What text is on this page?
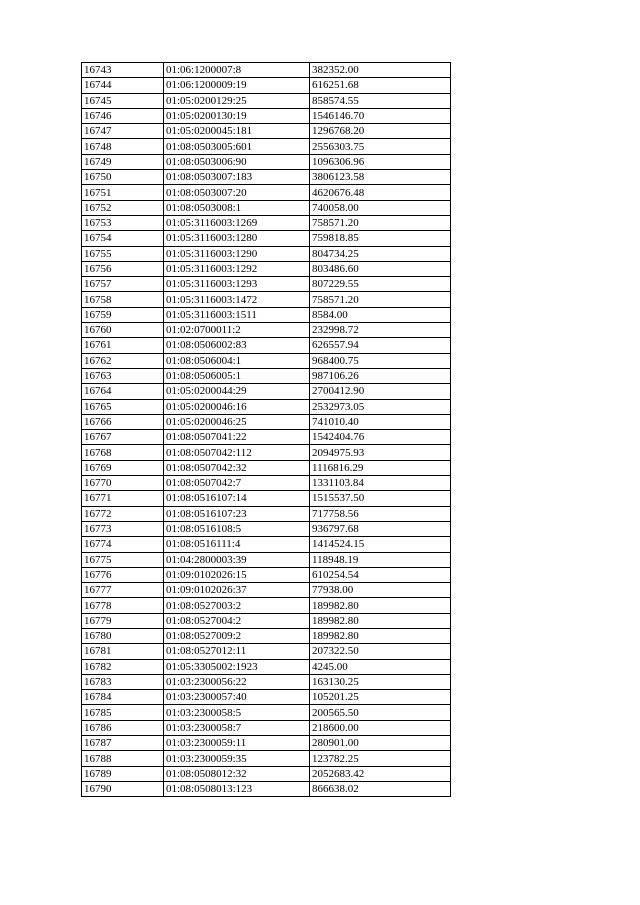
16743	01:06:1200007:8	382352.00
16744	01:06:1200009:19	616251.68
16745	01:05:0200129:25	858574.55
16746	01:05:0200130:19	1546146.70
16747	01:05:0200045:181	1296768.20
16748	01:08:0503005:601	2556303.75
16749	01:08:0503006:90	1096306.96
16750	01:08:0503007:183	3806123.58
16751	01:08:0503007:20	4620676.48
16752	01:08:0503008:1	740058.00
16753	01:05:3116003:1269	758571.20
16754	01:05:3116003:1280	759818.85
16755	01:05:3116003:1290	804734.25
16756	01:05:3116003:1292	803486.60
16757	01:05:3116003:1293	807229.55
16758	01:05:3116003:1472	758571.20
16759	01:05:3116003:1511	8584.00
16760	01:02:0700011:2	232998.72
16761	01:08:0506002:83	626557.94
16762	01:08:0506004:1	968400.75
16763	01:08:0506005:1	987106.26
16764	01:05:0200044:29	2700412.90
16765	01:05:0200046:16	2532973.05
16766	01:05:0200046:25	741010.40
16767	01:08:0507041:22	1542404.76
16768	01:08:0507042:112	2094975.93
16769	01:08:0507042:32	1116816.29
16770	01:08:0507042:7	1331103.84
16771	01:08:0516107:14	1515537.50
16772	01:08:0516107:23	717758.56
16773	01:08:0516108:5	936797.68
16774	01:08:0516111:4	1414524.15
16775	01:04:2800003:39	118948.19
16776	01:09:0102026:15	610254.54
16777	01:09:0102026:37	77938.00
16778	01:08:0527003:2	189982.80
16779	01:08:0527004:2	189982.80
16780	01:08:0527009:2	189982.80
16781	01:08:0527012:11	207322.50
16782	01:05:3305002:1923	4245.00
16783	01:03:2300056:22	163130.25
16784	01:03:2300057:40	105201.25
16785	01:03:2300058:5	200565.50
16786	01:03:2300058:7	218600.00
16787	01:03:2300059:11	280901.00
16788	01:03:2300059:35	123782.25
16789	01:08:0508012:32	2052683.42
16790	01:08:0508013:123	866638.02
